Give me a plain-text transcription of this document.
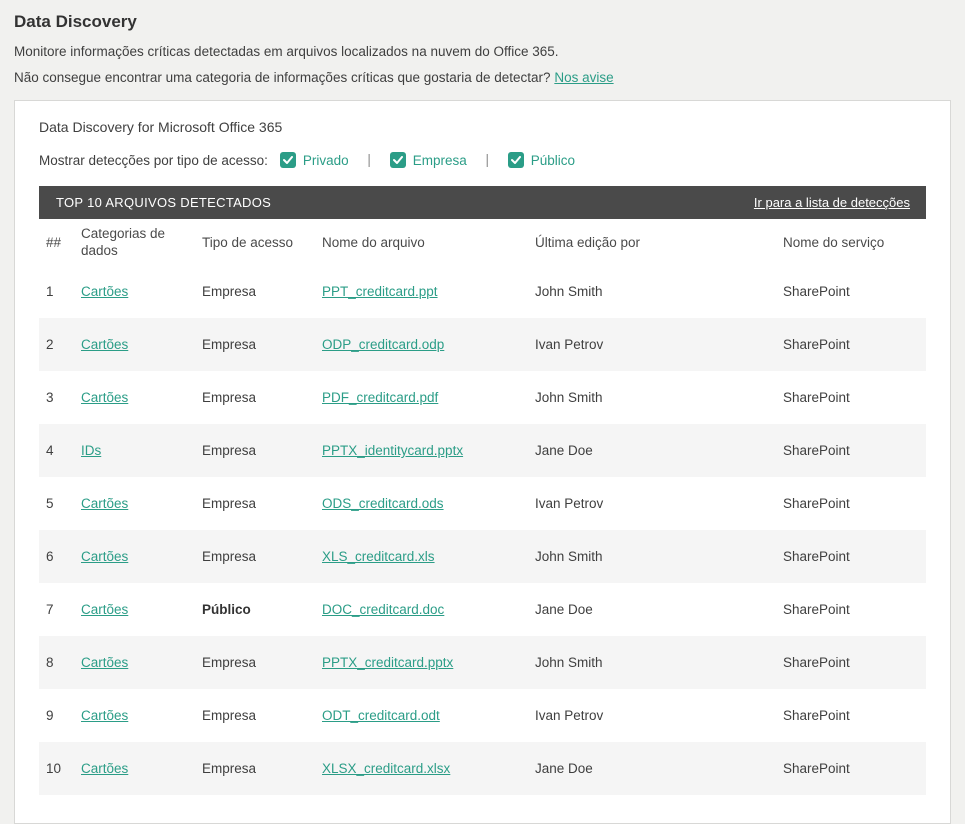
Data Discovery

Monitore informações críticas detectadas em arquivos localizados na nuvem do Office 365.

Não consegue encontrar uma categoria de informações críticas que gostaria de detectar? Nos avise

Data Discovery for Microsoft Office 365
Mostrar detecções por tipo de acesso:	Privado |	Empresa |	Público
TOP 10 ARQUIVOS DETECTADOS	Ir para a lista de detecções
##	Categorias de dados	Tipo de acesso	Nome do arquivo	Última edição por	Nome do serviço
1	Cartões	Empresa	PPT_creditcard.ppt	John Smith	SharePoint
2	Cartões	Empresa	ODP_creditcard.odp	Ivan Petrov	SharePoint
3	Cartões	Empresa	PDF_creditcard.pdf	John Smith	SharePoint
4	IDs	Empresa	PPTX_identitycard.pptx	Jane Doe	SharePoint
5	Cartões	Empresa	ODS_creditcard.ods	Ivan Petrov	SharePoint
6	Cartões	Empresa	XLS_creditcard.xls	John Smith	SharePoint
7	Cartões	Público	DOC_creditcard.doc	Jane Doe	SharePoint
8	Cartões	Empresa	PPTX_creditcard.pptx	John Smith	SharePoint
9	Cartões	Empresa	ODT_creditcard.odt	Ivan Petrov	SharePoint
10	Cartões	Empresa	XLSX_creditcard.xlsx	Jane Doe	SharePoint
